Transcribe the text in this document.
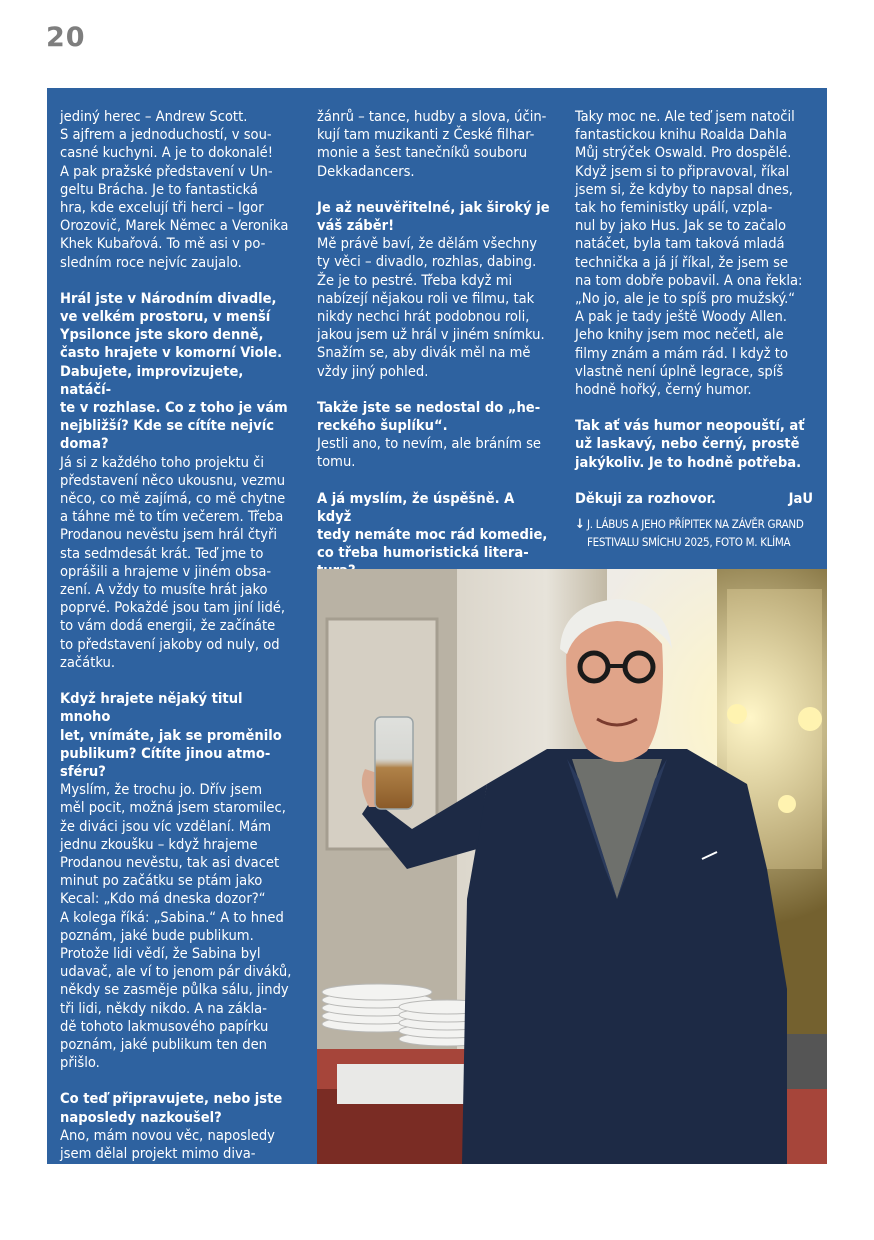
20

jediný herec – Andrew Scott.
S ajfrem a jednoduchostí, v sou-
casné kuchyni. A je to dokonalé!
A pak pražské představení v Un-
geltu Brácha. Je to fantastická
hra, kde excelují tři herci – Igor
Orozovič, Marek Němec a Veronika
Khek Kubařová. To mě asi v po-
sledním roce nejvíc zaujalo.

Hrál jste v Národním divadle,
ve velkém prostoru, v menší
Ypsilonce jste skoro denně,
často hrajete v komorní Viole.
Dabujete, improvizujete, natáčí-
te v rozhlase. Co z toho je vám
nejbližší? Kde se cítíte nejvíc
doma?

Já si z každého toho projektu či
představení něco ukousnu, vezmu
něco, co mě zajímá, co mě chytne
a táhne mě to tím večerem. Třeba
Prodanou nevěstu jsem hrál čtyři
sta sedmdesát krát. Teď jme to
oprášili a hrajeme v jiném obsa-
zení. A vždy to musíte hrát jako
poprvé. Pokaždé jsou tam jiní lidé,
to vám dodá energii, že začínáte
to představení jakoby od nuly, od
začátku.

Když hrajete nějaký titul mnoho
let, vnímáte, jak se proměnilo
publikum? Cítíte jinou atmo-
sféru?

Myslím, že trochu jo. Dřív jsem
měl pocit, možná jsem staromilec,
že diváci jsou víc vzdělaní. Mám
jednu zkoušku – když hrajeme
Prodanou nevěstu, tak asi dvacet
minut po začátku se ptám jako
Kecal: „Kdo má dneska dozor?“
A kolega říká: „Sabina.“ A to hned
poznám, jaké bude publikum.
Protože lidi vědí, že Sabina byl
udavač, ale ví to jenom pár diváků,
někdy se zasměje půlka sálu, jindy
tři lidi, někdy nikdo. A na zákla-
dě tohoto lakmusového papírku
poznám, jaké publikum ten den
přišlo.

Co teď připravujete, nebo jste
naposledy nazkoušel?

Ano, mám novou věc, naposledy
jsem dělal projekt mimo diva-
dlo v Rudolfinu. Je to Jonathan
Livingston Racek, přepis novely
Richarda Bacha. A je to propojení

žánrů – tance, hudby a slova, účin-
kují tam muzikanti z České filhar-
monie a šest tanečníků souboru
Dekkadancers.

Je až neuvěřitelné, jak široký je
váš záběr!

Mě právě baví, že dělám všechny
ty věci – divadlo, rozhlas, dabing.
Že je to pestré. Třeba když mi
nabízejí nějakou roli ve filmu, tak
nikdy nechci hrát podobnou roli,
jakou jsem už hrál v jiném snímku.
Snažím se, aby divák měl na mě
vždy jiný pohled.

Takže jste se nedostal do „he-
reckého šuplíku“.

Jestli ano, to nevím, ale bráním se
tomu.

A já myslím, že úspěšně. A když
tedy nemáte moc rád komedie,
co třeba humoristická litera-

Taky moc ne. Ale teď jsem natočil
fantastickou knihu Roalda Dahla
Můj strýček Oswald. Pro dospělé.
Když jsem si to připravoval, říkal
jsem si, že kdyby to napsal dnes,
tak ho feministky upálí, vzpla-
nul by jako Hus. Jak se to začalo
natáčet, byla tam taková mladá
technička a já jí říkal, že jsem se
na tom dobře pobavil. A ona řekla:
„No jo, ale je to spíš pro mužský.“
A pak je tady ještě Woody Allen.
Jeho knihy jsem moc nečetl, ale
filmy znám a mám rád. I když to
vlastně není úplně legrace, spíš
hodně hořký, černý humor.

Tak ať vás humor neopouští, ať
už laskavý, nebo černý, prostě
jakýkoliv. Je to hodně potřeba.

Děkuji za rozhovor.	JaU
↓ J. LÁBUS A JEHO PŘÍPITEK NA ZÁVĚR GRAND FESTIVALU SMÍCHU 2025, FOTO M. KLÍMA
